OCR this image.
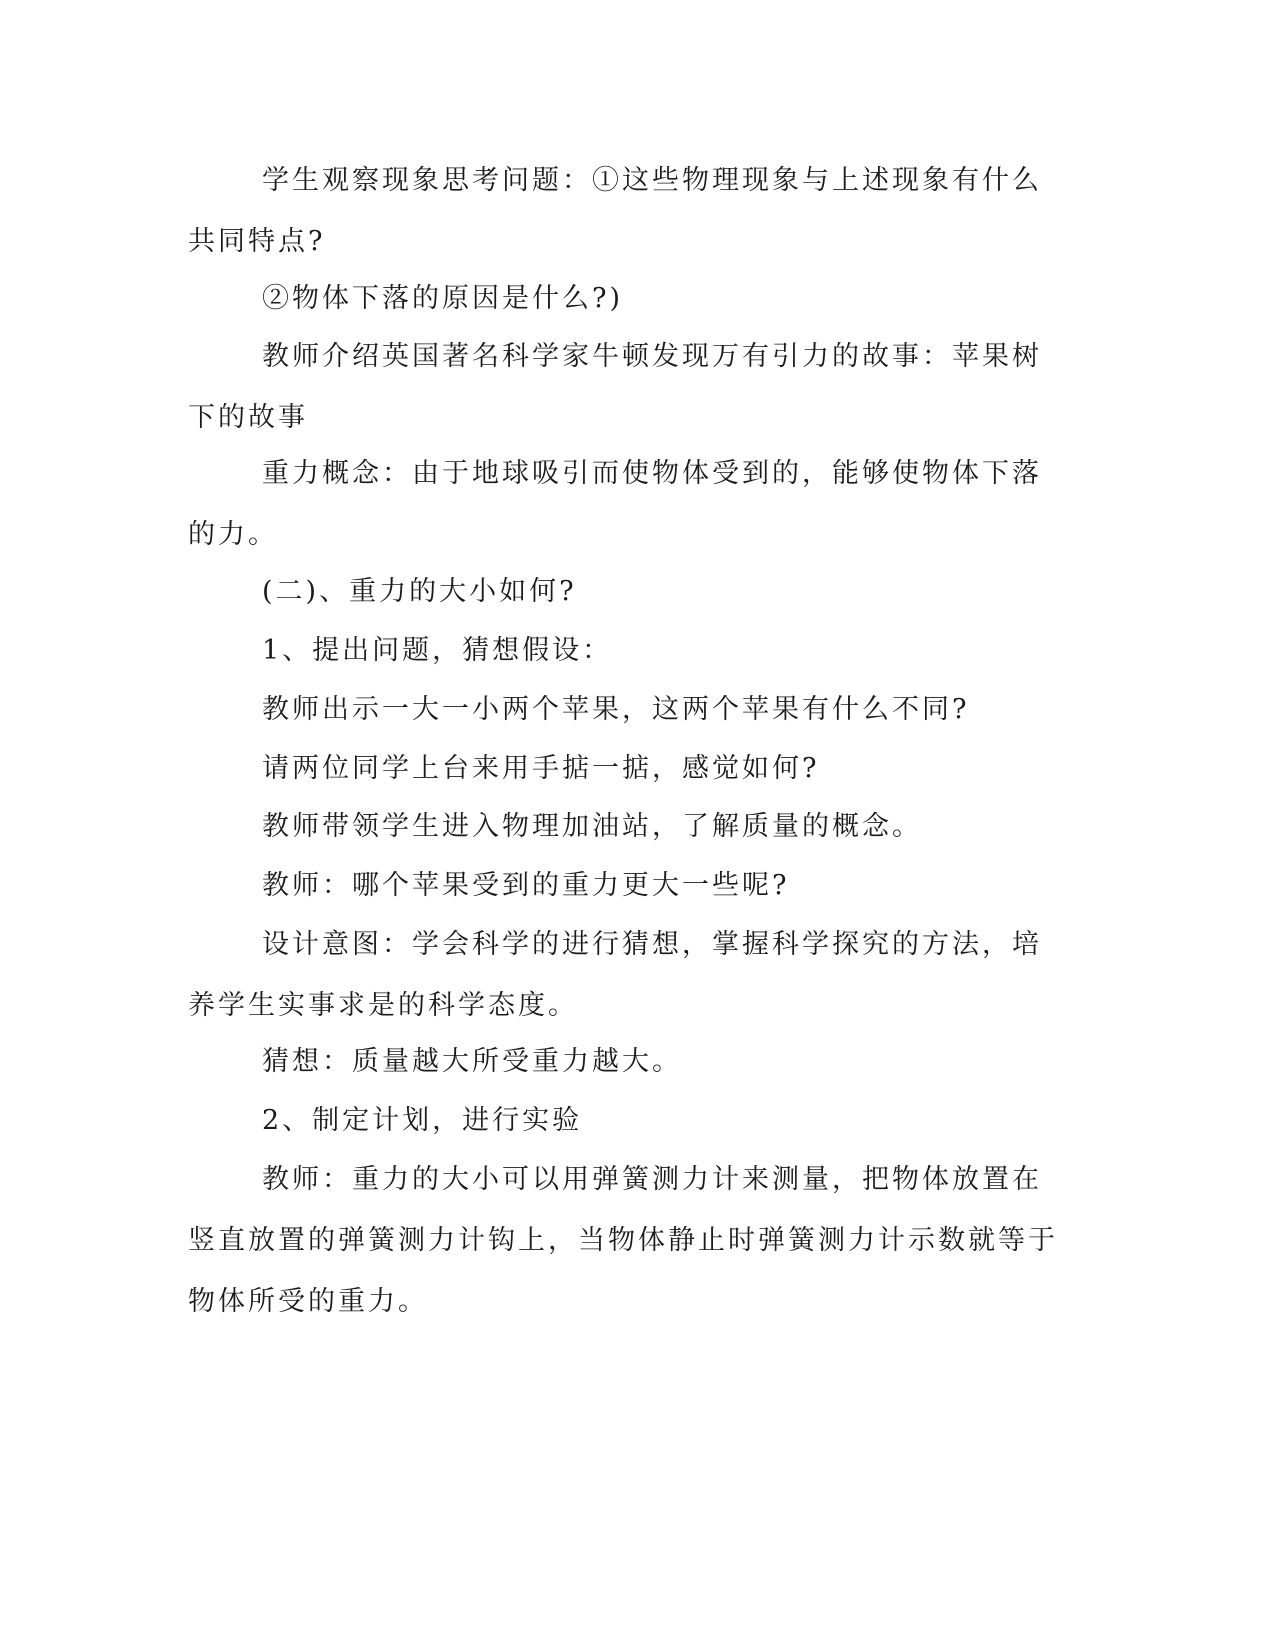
学生观察现象思考问题：①这些物理现象与上述现象有什么共同特点?

②物体下落的原因是什么?)

教师介绍英国著名科学家牛顿发现万有引力的故事：苹果树下的故事

重力概念：由于地球吸引而使物体受到的，能够使物体下落的力。

(二)、重力的大小如何?

1、提出问题，猜想假设：

教师出示一大一小两个苹果，这两个苹果有什么不同?

请两位同学上台来用手掂一掂，感觉如何?

教师带领学生进入物理加油站，了解质量的概念。

教师：哪个苹果受到的重力更大一些呢?

设计意图：学会科学的进行猜想，掌握科学探究的方法，培养学生实事求是的科学态度。

猜想：质量越大所受重力越大。

2、制定计划，进行实验

教师：重力的大小可以用弹簧测力计来测量，把物体放置在竖直放置的弹簧测力计钩上，当物体静止时弹簧测力计示数就等于物体所受的重力。
